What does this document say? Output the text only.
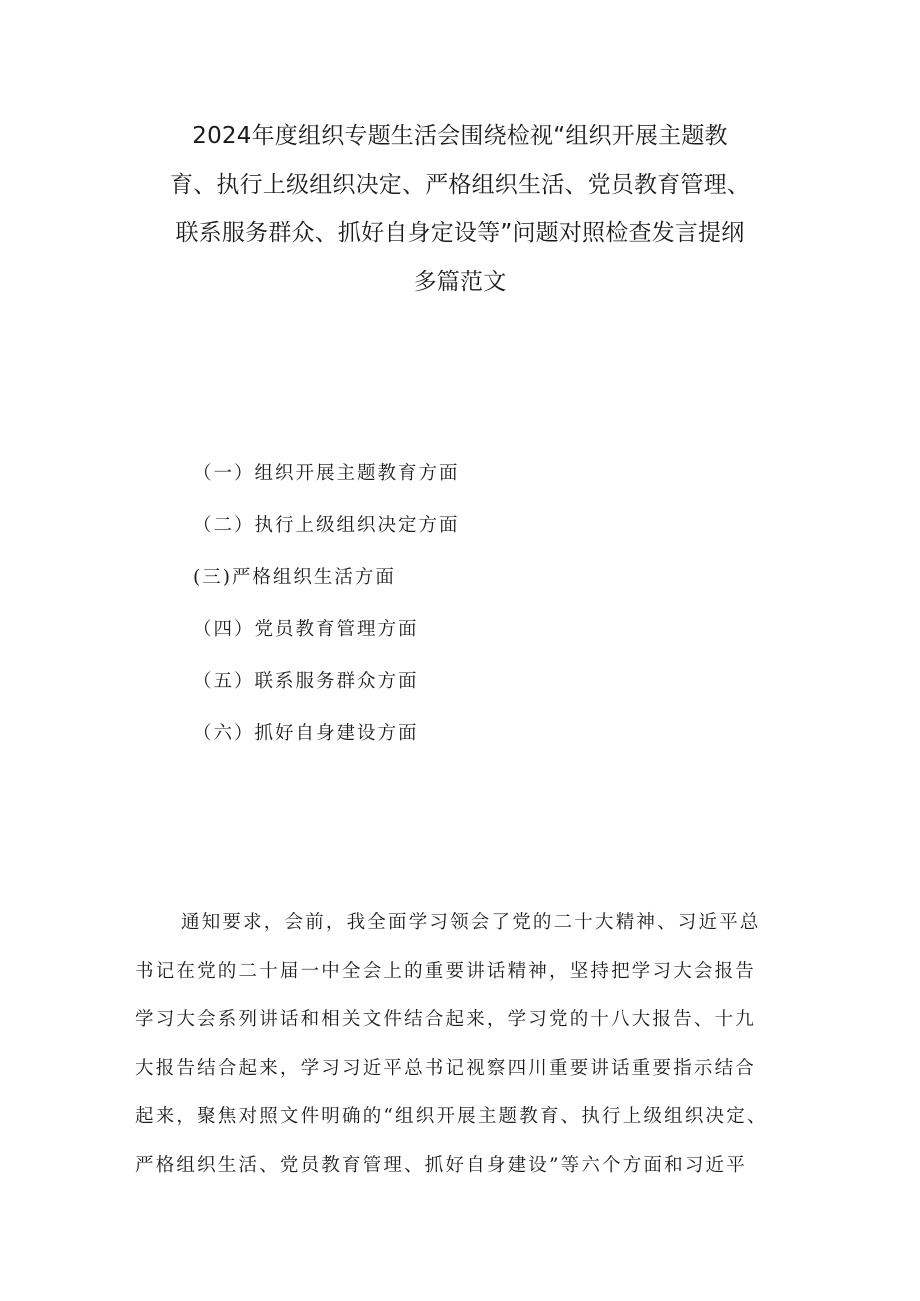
2024年度组织专题生活会围绕检视“组织开展主题教
育、执行上级组织决定、严格组织生活、党员教育管理、
联系服务群众、抓好自身定设等”问题对照检查发言提纲
多篇范文
（一）组织开展主题教育方面
（二）执行上级组织决定方面
(三)严格组织生活方面
（四）党员教育管理方面
（五）联系服务群众方面
（六）抓好自身建设方面
通知要求，会前，我全面学习领会了党的二十大精神、习近平总
书记在党的二十届一中全会上的重要讲话精神，坚持把学习大会报告
学习大会系列讲话和相关文件结合起来，学习党的十八大报告、十九
大报告结合起来，学习习近平总书记视察四川重要讲话重要指示结合
起来，聚焦对照文件明确的“组织开展主题教育、执行上级组织决定、
严格组织生活、党员教育管理、抓好自身建设”等六个方面和习近平
